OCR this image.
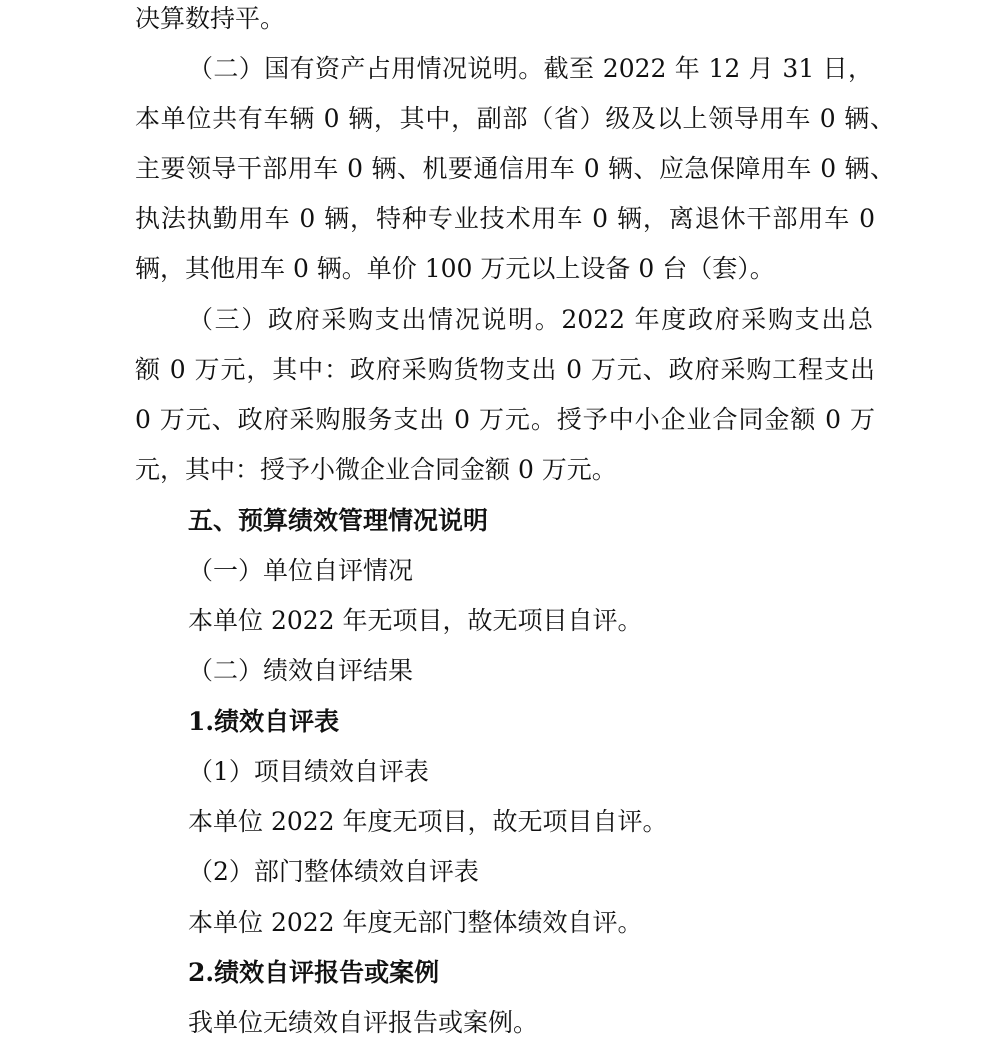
决算数持平。
（二）国有资产占用情况说明。截至 2022 年 12 月 31 日，
本单位共有车辆 0 辆，其中，副部（省）级及以上领导用车 0 辆、
主要领导干部用车 0 辆、机要通信用车 0 辆、应急保障用车 0 辆、
执法执勤用车 0 辆，特种专业技术用车 0 辆，离退休干部用车 0
辆，其他用车 0 辆。单价 100 万元以上设备 0 台（套）。
（三）政府采购支出情况说明。2022 年度政府采购支出总
额 0 万元，其中：政府采购货物支出 0 万元、政府采购工程支出
0 万元、政府采购服务支出 0 万元。授予中小企业合同金额 0 万
元，其中：授予小微企业合同金额 0 万元。
五、预算绩效管理情况说明
（一）单位自评情况
本单位 2022 年无项目，故无项目自评。
（二）绩效自评结果
1.绩效自评表
（1）项目绩效自评表
本单位 2022 年度无项目，故无项目自评。
（2）部门整体绩效自评表
本单位 2022 年度无部门整体绩效自评。
2.绩效自评报告或案例
我单位无绩效自评报告或案例。
